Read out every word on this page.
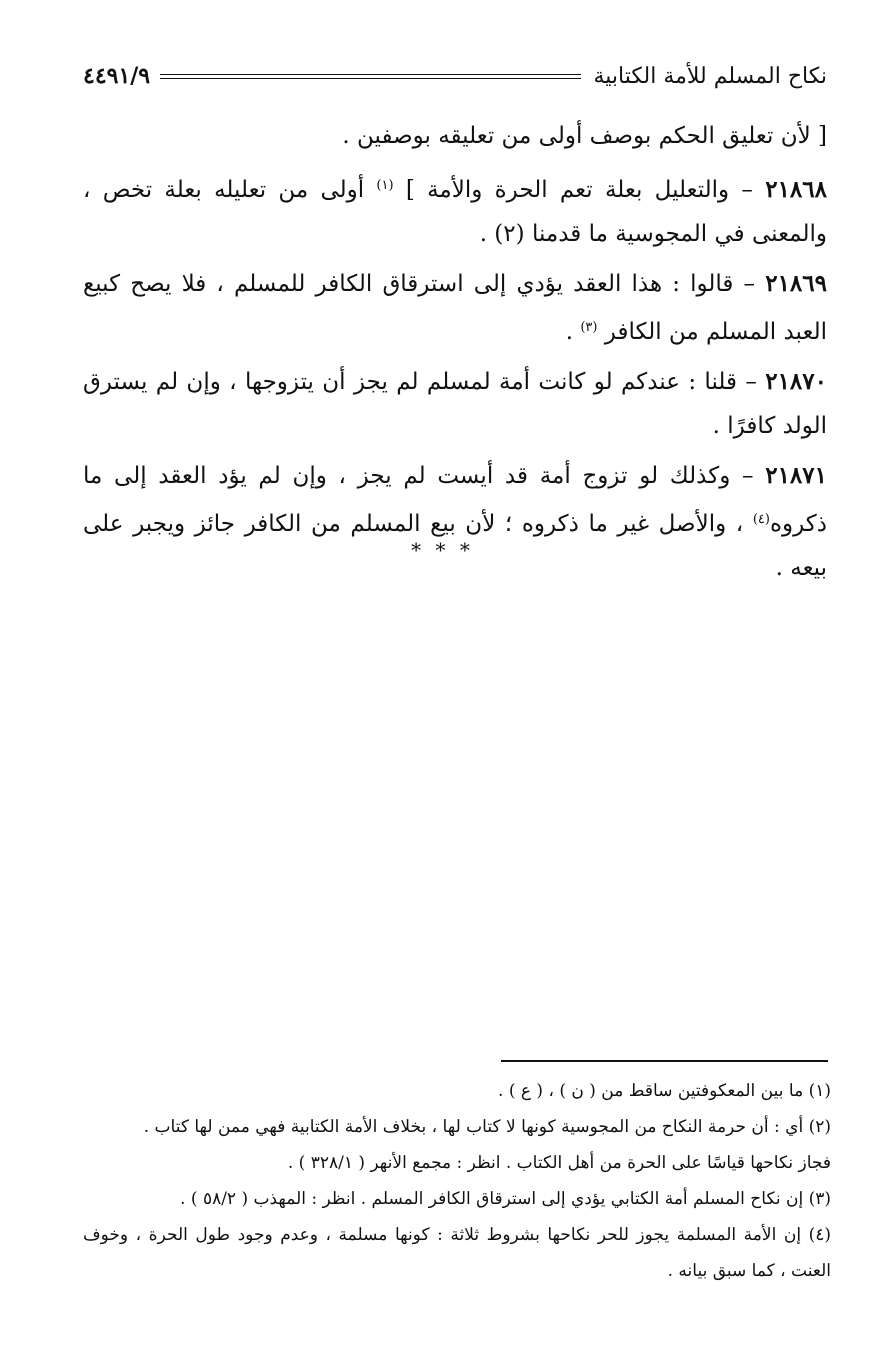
نكاح المسلم للأمة الكتابية
٤٤٩١/٩

[ لأن تعليق الحكم بوصف أولى من تعليقه بوصفين .

٢١٨٦٨ – والتعليل بعلة تعم الحرة والأمة ] $^{(١)}$ أولى من تعليله بعلة تخص ، والمعنى في المجوسية ما قدمنا (٢) .

٢١٨٦٩ – قالوا : هذا العقد يؤدي إلى استرقاق الكافر للمسلم ، فلا يصح كبيع العبد المسلم من الكافر $^{(٣)}$ .

٢١٨٧٠ – قلنا : عندكم لو كانت أمة لمسلم لم يجز أن يتزوجها ، وإن لم يسترق الولد كافرًا .

٢١٨٧١ – وكذلك لو تزوج أمة قد أيست لم يجز ، وإن لم يؤد العقد إلى ما ذكروه$^{(٤)}$ ، والأصل غير ما ذكروه ؛ لأن بيع المسلم من الكافر جائز ويجبر على بيعه .

* * *
(١) ما بين المعكوفتين ساقط من ( ن ) ، ( ع ) .
(٢) أي : أن حرمة النكاح من المجوسية كونها لا كتاب لها ، بخلاف الأمة الكتابية فهي ممن لها كتاب .
فجاز نكاحها قياسًا على الحرة من أهل الكتاب . انظر : مجمع الأنهر ( ٣٢٨/١ ) .
(٣) إن نكاح المسلم أمة الكتابي يؤدي إلى استرقاق الكافر المسلم . انظر : المهذب ( ٥٨/٢ ) .
(٤) إن الأمة المسلمة يجوز للحر نكاحها بشروط ثلاثة : كونها مسلمة ، وعدم وجود طول الحرة ، وخوف العنت ، كما سبق بيانه .
